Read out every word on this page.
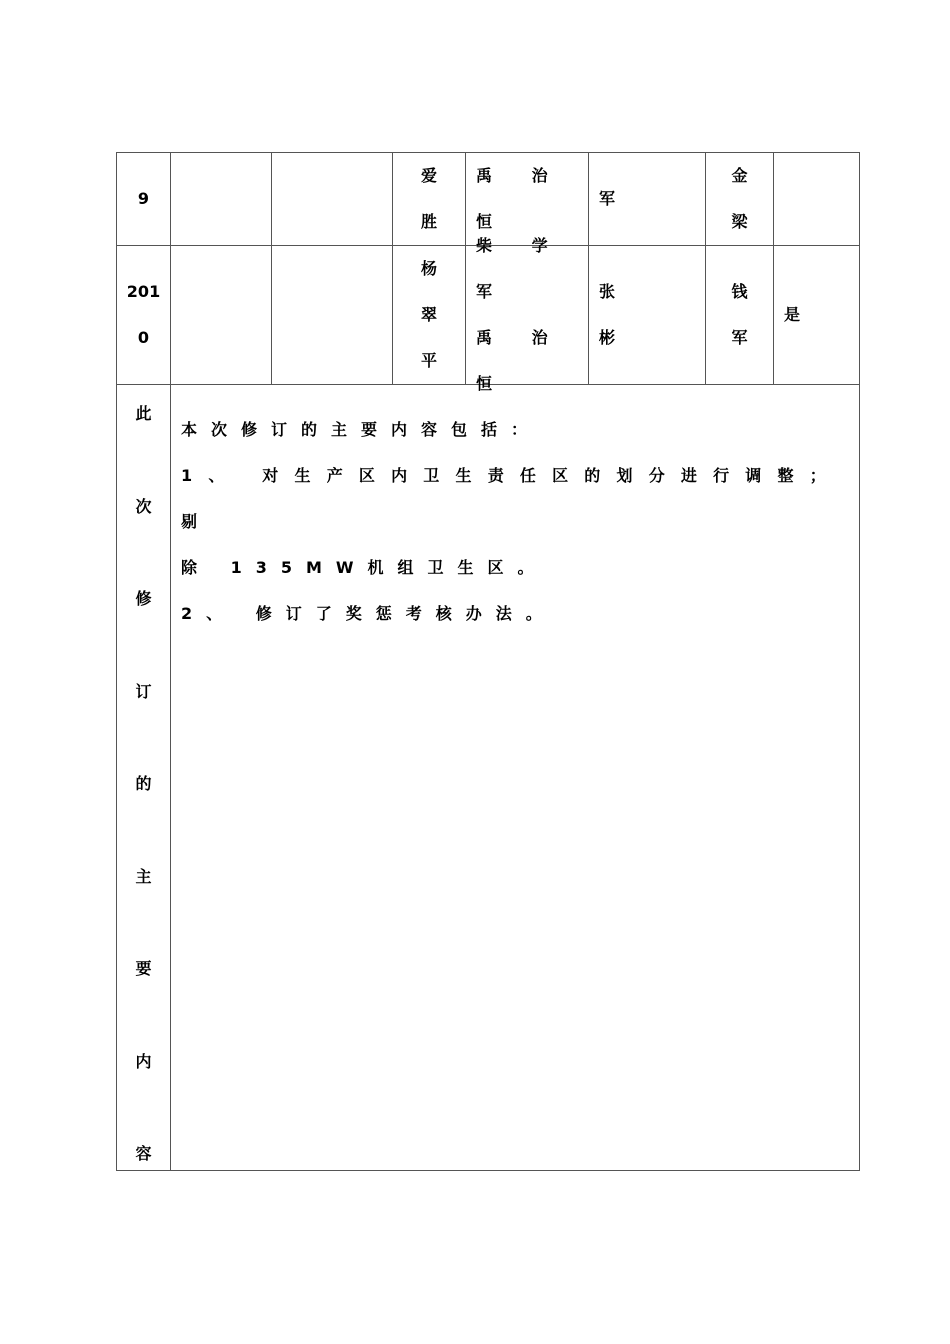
9
爱
胜
禹 治 恒
军
金
梁
201
0
杨
翠
平
柴 学 军
禹 治 恒
张
彬
钱
军
是
此
次
修
订
的
主
要
内
容

本次修订的主要内容包括：

1、 对生产区内卫生责任区的划分进行调整；剔

除 135MW机组卫生区。

2、 修订了奖惩考核办法。
